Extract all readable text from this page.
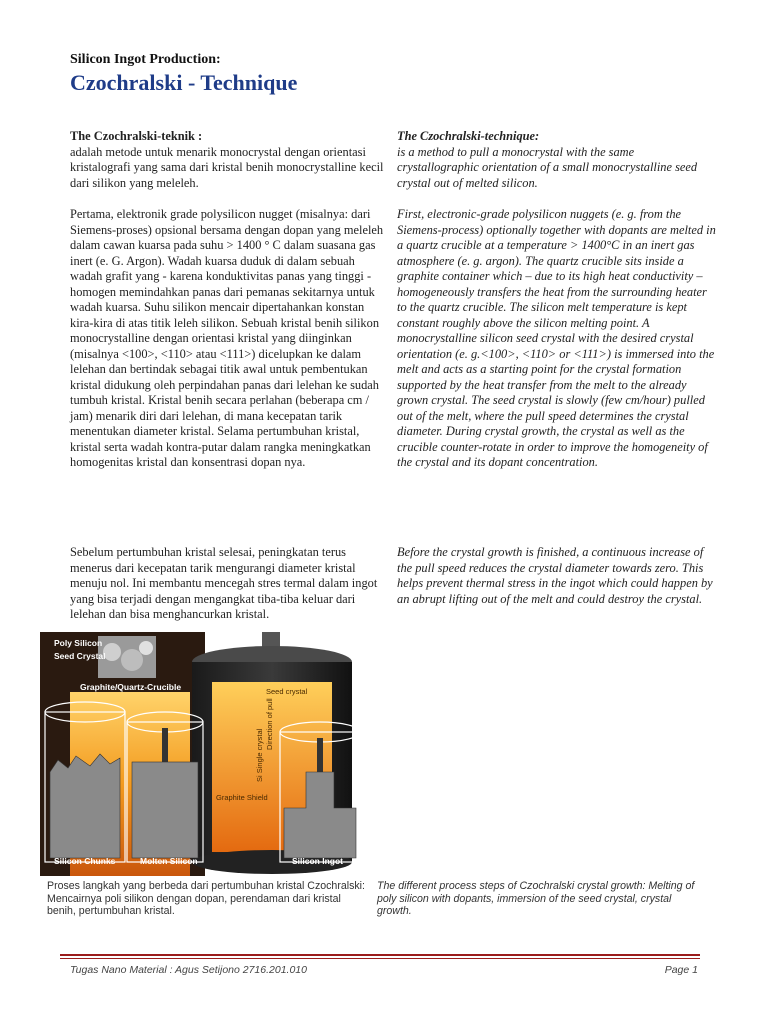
Silicon Ingot Production:
Czochralski - Technique

The Czochralski-teknik :

adalah metode untuk menarik monocrystal dengan orientasi kristalografi yang sama dari kristal benih monocrystalline kecil dari silikon yang meleleh.

Pertama, elektronik grade polysilicon nugget (misalnya: dari Siemens-proses) opsional bersama dengan dopan yang meleleh dalam cawan kuarsa pada suhu > 1400 ° C dalam suasana gas inert (e. G. Argon). Wadah kuarsa duduk di dalam sebuah wadah grafit yang - karena konduktivitas panas yang tinggi - homogen memindahkan panas dari pemanas sekitarnya untuk wadah kuarsa. Suhu silikon mencair dipertahankan konstan kira-kira di atas titik leleh silikon. Sebuah kristal benih silikon monocrystalline dengan orientasi kristal yang diinginkan (misalnya <100>, <110> atau <111>) dicelupkan ke dalam lelehan dan bertindak sebagai titik awal untuk pembentukan kristal didukung oleh perpindahan panas dari lelehan ke sudah tumbuh kristal. Kristal benih secara perlahan (beberapa cm / jam) menarik diri dari lelehan, di mana kecepatan tarik menentukan diameter kristal. Selama pertumbuhan kristal, kristal serta wadah kontra-putar dalam rangka meningkatkan homogenitas kristal dan konsentrasi dopan nya.

Sebelum pertumbuhan kristal selesai, peningkatan terus menerus dari kecepatan tarik mengurangi diameter kristal menuju nol. Ini membantu mencegah stres termal dalam ingot yang bisa terjadi dengan mengangkat tiba-tiba keluar dari lelehan dan bisa menghancurkan kristal.

The Czochralski-technique:

is a method to pull a monocrystal with the same crystallographic orientation of a small monocrystalline seed crystal out of melted silicon.

First, electronic-grade polysilicon nuggets (e. g. from the Siemens-process) optionally together with dopants are melted in a quartz crucible at a temperature > 1400°C in an inert gas atmosphere (e. g. argon). The quartz crucible sits inside a graphite container which – due to its high heat conductivity – homogeneously transfers the heat from the surrounding heater to the quartz crucible. The silicon melt temperature is kept constant roughly above the silicon melting point. A monocrystalline silicon seed crystal with the desired crystal orientation (e. g.<100>, <110> or <111>) is immersed into the melt and acts as a starting point for the crystal formation supported by the heat transfer from the melt to the already grown crystal. The seed crystal is slowly (few cm/hour) pulled out of the melt, where the pull speed determines the crystal diameter. During crystal growth, the crystal as well as the crucible counter-rotate in order to improve the homogeneity of the crystal and its dopant concentration.

Before the crystal growth is finished, a continuous increase of the pull speed reduces the crystal diameter towards zero. This helps prevent thermal stress in the ingot which could happen by an abrupt lifting out of the melt and could destroy the crystal.

Poly Silicon
Seed Crystal
Graphite/Quartz-Crucible	Seed crystal
Direction of pull
Si Single crystal
Graphite Shield
Silicon Chunks	Molten Silicon	Silicon Ingot
Proses langkah yang berbeda dari pertumbuhan kristal Czochralski: Mencairnya poli silikon dengan dopan, perendaman dari kristal benih, pertumbuhan kristal.
The different process steps of Czochralski crystal growth: Melting of poly silicon with dopants, immersion of the seed crystal, crystal growth.
Tugas Nano Material : Agus Setijono 2716.201.010	Page 1
